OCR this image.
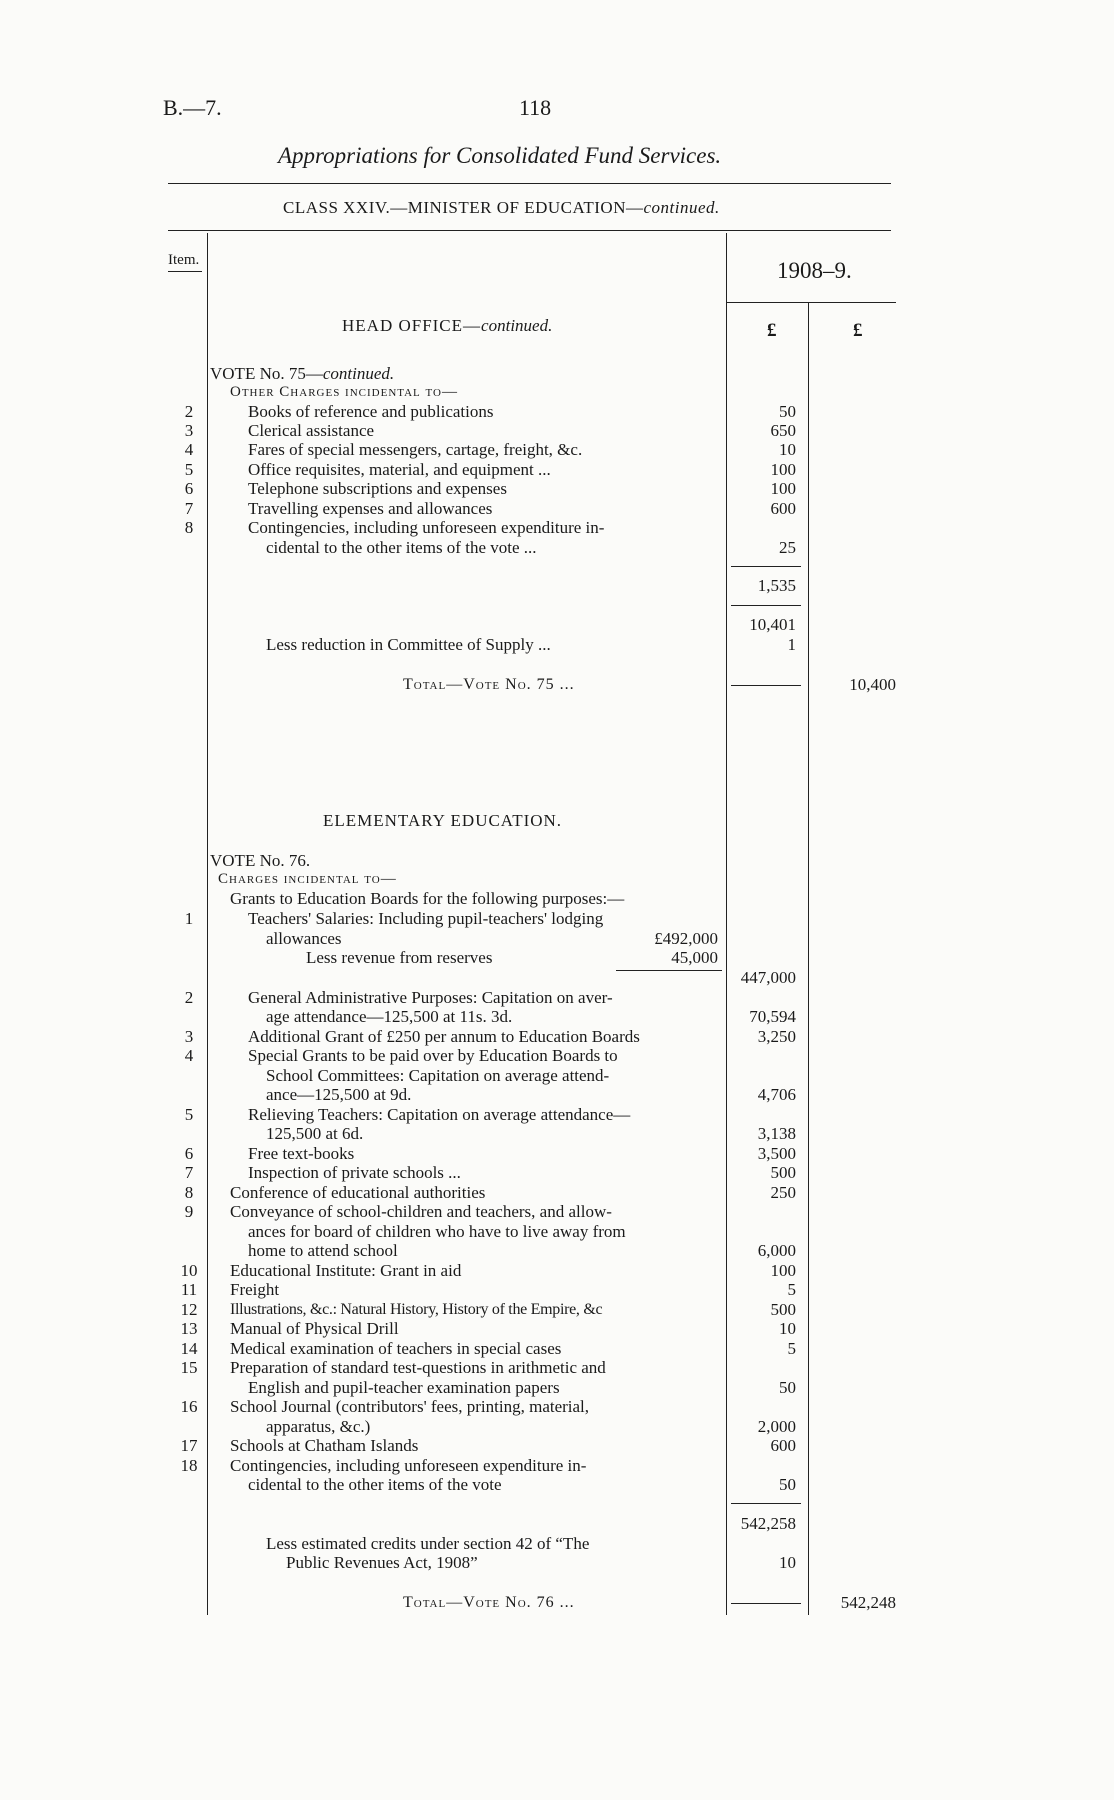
B.—7.	118
Appropriations for Consolidated Fund Services.
CLASS XXIV.—MINISTER OF EDUCATION—continued.
Item.	1908–9.
£	£
HEAD OFFICE—continued.
VOTE No. 75—continued.
Other Charges incidental to—
2	Books of reference and publications	50
3	Clerical assistance	650
4	Fares of special messengers, cartage, freight, &c.	10
5	Office requisites, material, and equipment ...	100
6	Telephone subscriptions and expenses	100
7	Travelling expenses and allowances	600
8	Contingencies, including unforeseen expenditure in-
cidental to the other items of the vote ...	25
1,535
10,401
Less reduction in Committee of Supply ...	1
Total—Vote No. 75 ...	10,400
ELEMENTARY EDUCATION.
VOTE No. 76.
Charges incidental to—
Grants to Education Boards for the following purposes:—
1	Teachers' Salaries: Including pupil-teachers' lodging
allowances	£492,000
Less revenue from reserves	45,000
447,000
2	General Administrative Purposes: Capitation on aver-
age attendance—125,500 at 11s. 3d.	70,594
3	Additional Grant of £250 per annum to Education Boards	3,250
4	Special Grants to be paid over by Education Boards to
School Committees: Capitation on average attend-
ance—125,500 at 9d.	4,706
5	Relieving Teachers: Capitation on average attendance—
125,500 at 6d.	3,138
6	Free text-books	3,500
7	Inspection of private schools ...	500
8	Conference of educational authorities	250
9	Conveyance of school-children and teachers, and allow-
ances for board of children who have to live away from
home to attend school	6,000
10 Educational Institute: Grant in aid	100
11 Freight	5
12 Illustrations, &c.: Natural History, History of the Empire, &c	500
13 Manual of Physical Drill	10
14 Medical examination of teachers in special cases	5
15 Preparation of standard test-questions in arithmetic and
English and pupil-teacher examination papers	50
16 School Journal (contributors' fees, printing, material,
apparatus, &c.)	2,000
17 Schools at Chatham Islands	600
18 Contingencies, including unforeseen expenditure in-
cidental to the other items of the vote	50
542,258
Less estimated credits under section 42 of “The
Public Revenues Act, 1908”	10
Total—Vote No. 76 ...	542,248
